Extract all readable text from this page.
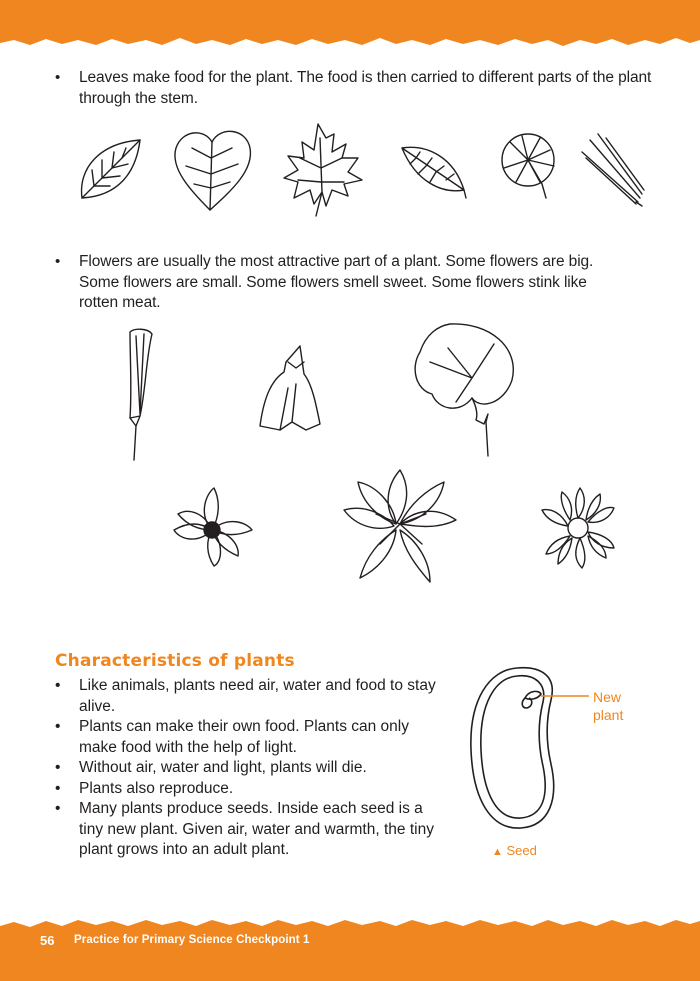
• Leaves make food for the plant. The food is then carried to different parts of the plant through the stem.
• Flowers are usually the most attractive part of a plant. Some flowers are big. Some flowers are small. Some flowers smell sweet. Some flowers stink like rotten meat.
Characteristics of plants
• Like animals, plants need air, water and food to stay alive.
• Plants can make their own food. Plants can only make food with the help of light.
• Without air, water and light, plants will die.
• Plants also reproduce.
• Many plants produce seeds. Inside each seed is a tiny new plant. Given air, water and warmth, the tiny plant grows into an adult plant.
New
plant
▲ Seed
56 Practice for Primary Science Checkpoint 1
